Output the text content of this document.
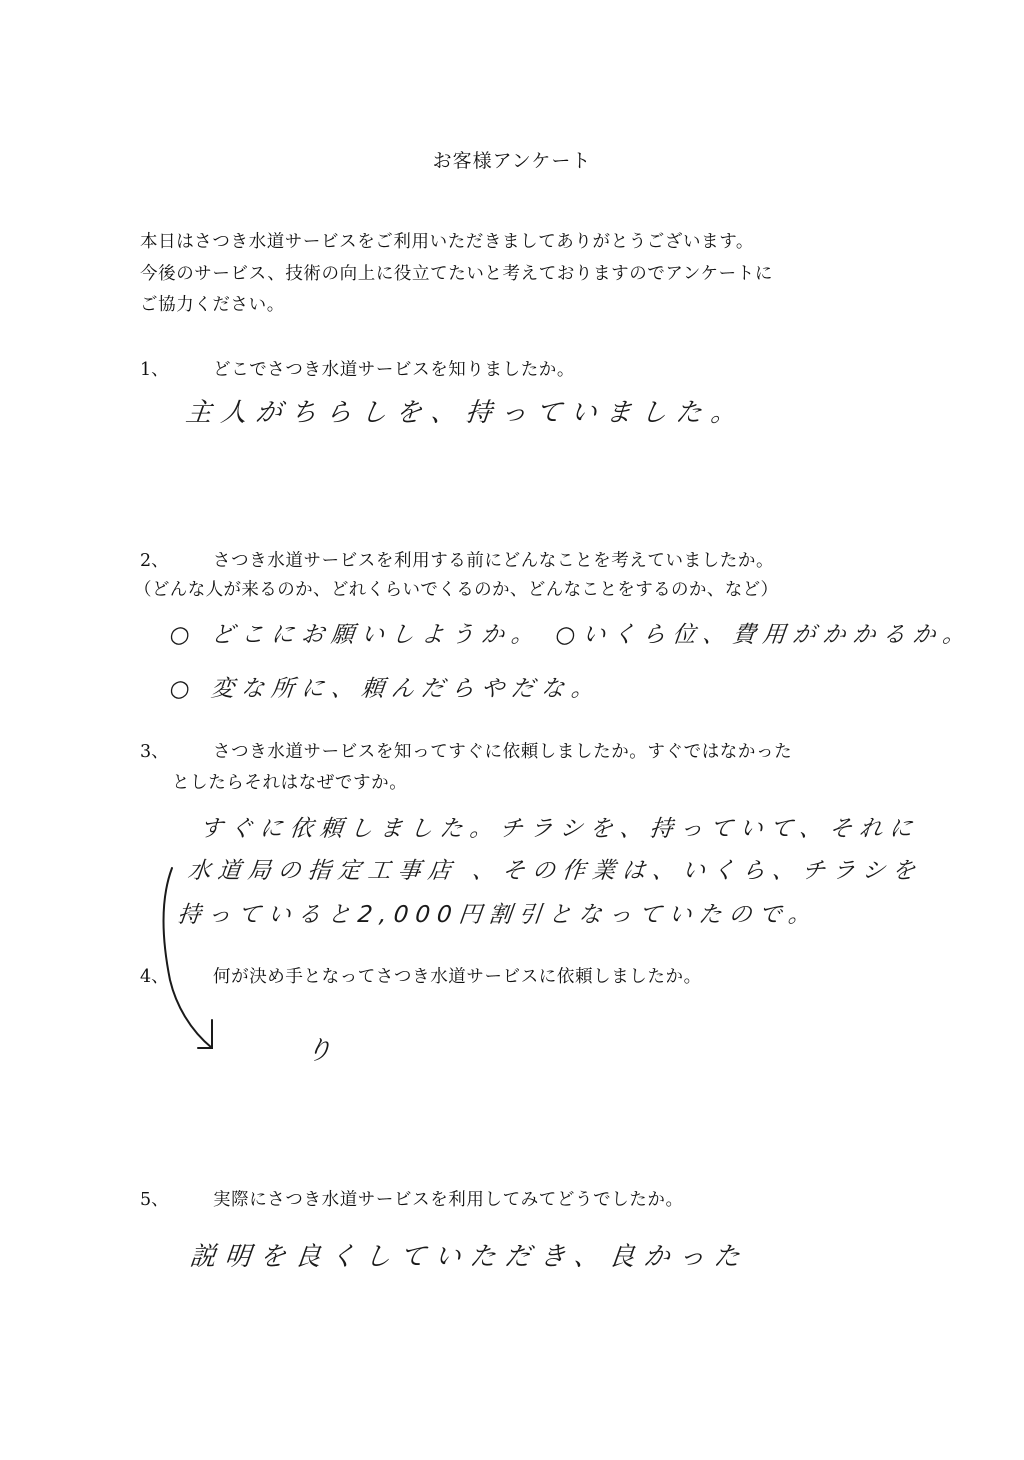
お客様アンケート
本日はさつき水道サービスをご利用いただきましてありがとうございます。
今後のサービス、技術の向上に役立てたいと考えておりますのでアンケートに
ご協力ください。
1、	どこでさつき水道サービスを知りましたか。
主人がちらしを、持っていました。
2、	さつき水道サービスを利用する前にどんなことを考えていましたか。
（どんな人が来るのか、どれくらいでくるのか、どんなことをするのか、など）
○ どこにお願いしようか。 ○いくら位、費用がかかるか。
○ 変な所に、頼んだらやだな。
3、	さつき水道サービスを知ってすぐに依頼しましたか。すぐではなかった
としたらそれはなぜですか。
すぐに依頼しました。チラシを、持っていて、それに
水道局の指定工事店 、その作業は、いくら、チラシを
持っていると2,000円割引となっていたので。
4、	何が決め手となってさつき水道サービスに依頼しましたか。
り
5、	実際にさつき水道サービスを利用してみてどうでしたか。
説明を良くしていただき、良かった
